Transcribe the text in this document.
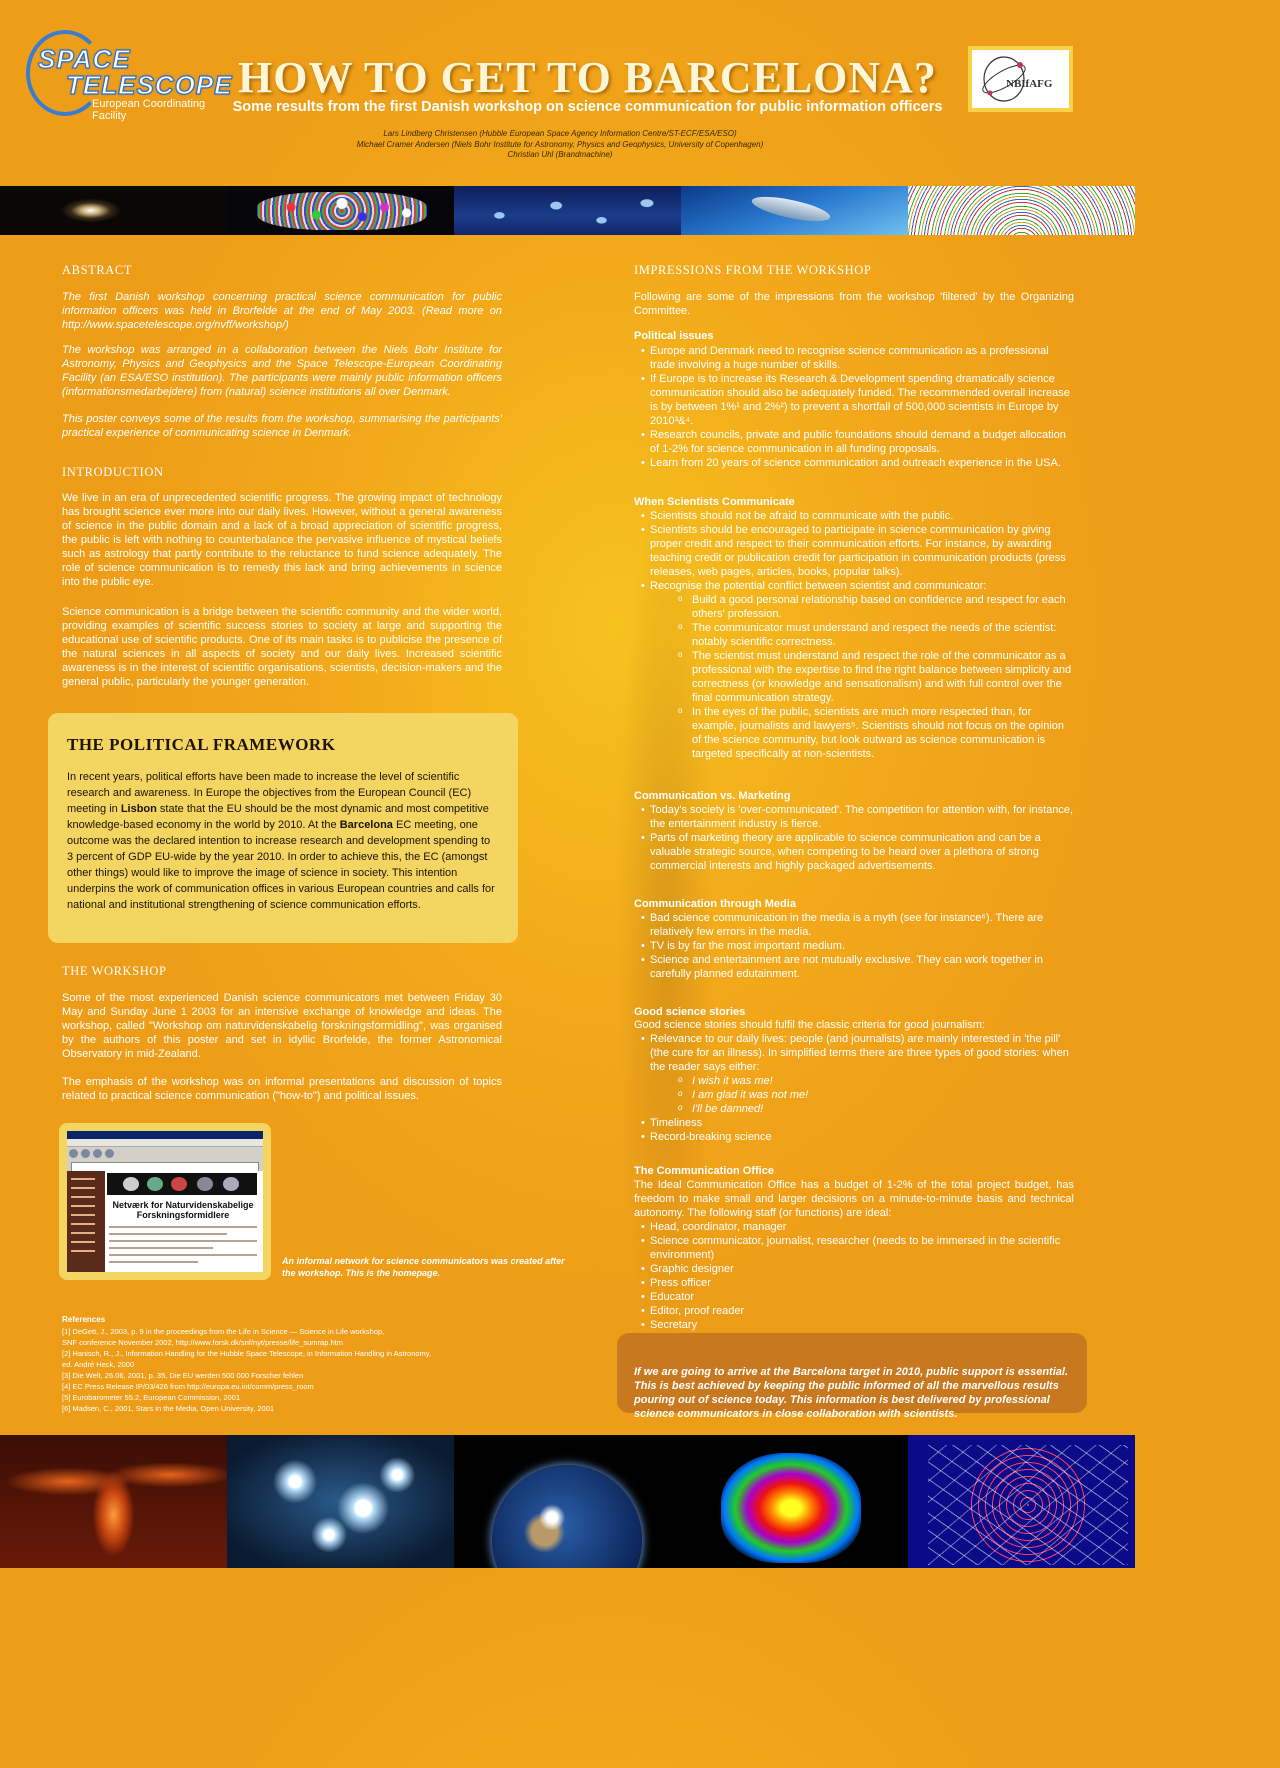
SPACE
TELESCOPE
European Coordinating Facility
HOW TO GET TO BARCELONA?

Some results from the first Danish workshop on science communication for public information officers

Lars Lindberg Christensen (Hubble European Space Agency Information Centre/ST-ECF/ESA/ESO)
Michael Cramer Andersen (Niels Bohr Institute for Astronomy, Physics and Geophysics, University of Copenhagen)
Christian Uhl (Brandmachine)
NBIfAFG
ABSTRACT

The first Danish workshop concerning practical science communication for public information officers was held in Brorfelde at the end of May 2003. (Read more on http://www.spacetelescope.org/nvff/workshop/)

The workshop was arranged in a collaboration between the Niels Bohr Institute for Astronomy, Physics and Geophysics and the Space Telescope-European Coordinating Facility (an ESA/ESO institution). The participants were mainly public information officers (informationsmedarbejdere) from (natural) science institutions all over Denmark.

This poster conveys some of the results from the workshop, summarising the participants' practical experience of communicating science in Denmark.

INTRODUCTION

We live in an era of unprecedented scientific progress. The growing impact of technology has brought science ever more into our daily lives. However, without a general awareness of science in the public domain and a lack of a broad appreciation of scientific progress, the public is left with nothing to counterbalance the pervasive influence of mystical beliefs such as astrology that partly contribute to the reluctance to fund science adequately. The role of science communication is to remedy this lack and bring achievements in science into the public eye.

Science communication is a bridge between the scientific community and the wider world, providing examples of scientific success stories to society at large and supporting the educational use of scientific products. One of its main tasks is to publicise the presence of the natural sciences in all aspects of society and our daily lives. Increased scientific awareness is in the interest of scientific organisations, scientists, decision-makers and the general public, particularly the younger generation.

THE POLITICAL FRAMEWORK

In recent years, political efforts have been made to increase the level of scientific research and awareness. In Europe the objectives from the European Council (EC) meeting in Lisbon state that the EU should be the most dynamic and most competitive knowledge-based economy in the world by 2010. At the Barcelona EC meeting, one outcome was the declared intention to increase research and development spending to 3 percent of GDP EU-wide by the year 2010. In order to achieve this, the EC (amongst other things) would like to improve the image of science in society. This intention underpins the work of communication offices in various European countries and calls for national and institutional strengthening of science communication efforts.

THE WORKSHOP

Some of the most experienced Danish science communicators met between Friday 30 May and Sunday June 1 2003 for an intensive exchange of knowledge and ideas. The workshop, called "Workshop om naturvidenskabelig forskningsformidling", was organised by the authors of this poster and set in idyllic Brorfelde, the former Astronomical Observatory in mid-Zealand.

The emphasis of the workshop was on informal presentations and discussion of topics related to practical science communication ("how-to") and political issues.

Netværk for Naturvidenskabelige Forskningsformidlere

An informal network for science communicators was created after the workshop. This is the homepage.

References

[1] DeGett, J., 2003, p. 9 in the proceedings from the Life in Science — Science in Life workshop,

SNF conference November 2002, http://www.forsk.dk/snf/nyt/presse/life_sumrap.htm

[2] Hanisch, R., J., Information Handling for the Hubble Space Telescope, in Information Handling in Astronomy,

ed. André Heck, 2000

[3] Die Welt, 26.06, 2001, p. 35, Die EU werden 500 000 Forscher fehlen

[4] EC Press Release IP/03/426 from http://europa.eu.int/comm/press_room

[5] Eurobarometer 55.2, European Commission, 2001

[6] Madsen, C., 2001, Stars in the Media, Open University, 2001

IMPRESSIONS FROM THE WORKSHOP

Following are some of the impressions from the workshop 'filtered' by the Organizing Committee.

Political issues
• Europe and Denmark need to recognise science communication as a professional trade involving a huge number of skills.
• If Europe is to increase its Research & Development spending dramatically science communication should also be adequately funded. The recommended overall increase is by between 1%¹ and 2%²) to prevent a shortfall of 500,000 scientists in Europe by 2010³&⁴.
• Research councils, private and public foundations should demand a budget allocation of 1-2% for science communication in all funding proposals.
• Learn from 20 years of science communication and outreach experience in the USA.
When Scientists Communicate
• Scientists should not be afraid to communicate with the public.
• Scientists should be encouraged to participate in science communication by giving proper credit and respect to their communication efforts. For instance, by awarding teaching credit or publication credit for participation in communication products (press releases, web pages, articles, books, popular talks).
• Recognise the potential conflict between scientist and communicator:
o Build a good personal relationship based on confidence and respect for each others' profession.
o The communicator must understand and respect the needs of the scientist: notably scientific correctness.
o The scientist must understand and respect the role of the communicator as a professional with the expertise to find the right balance between simplicity and correctness (or knowledge and sensationalism) and with full control over the final communication strategy.
o In the eyes of the public, scientists are much more respected than, for example, journalists and lawyers⁵. Scientists should not focus on the opinion of the science community, but look outward as science communication is targeted specifically at non-scientists.
Communication vs. Marketing
• Today's society is 'over-communicated'. The competition for attention with, for instance, the entertainment industry is fierce.
• Parts of marketing theory are applicable to science communication and can be a valuable strategic source, when competing to be heard over a plethora of strong commercial interests and highly packaged advertisements.
Communication through Media
• Bad science communication in the media is a myth (see for instance⁶). There are relatively few errors in the media.
• TV is by far the most important medium.
• Science and entertainment are not mutually exclusive. They can work together in carefully planned edutainment.
Good science stories

Good science stories should fulfil the classic criteria for good journalism:

• Relevance to our daily lives: people (and journalists) are mainly interested in 'the pill' (the cure for an illness). In simplified terms there are three types of good stories: when the reader says either:
o I wish it was me!
o I am glad it was not me!
o I'll be damned!
• Timeliness
• Record-breaking science
The Communication Office

The Ideal Communication Office has a budget of 1-2% of the total project budget, has freedom to make small and larger decisions on a minute-to-minute basis and technical autonomy. The following staff (or functions) are ideal:

• Head, coordinator, manager
• Science communicator, journalist, researcher (needs to be immersed in the scientific environment)
• Graphic designer
• Press officer
• Educator
• Editor, proof reader
• Secretary

If we are going to arrive at the Barcelona target in 2010, public support is essential. This is best achieved by keeping the public informed of all the marvellous results pouring out of science today. This information is best delivered by professional science communicators in close collaboration with scientists.
